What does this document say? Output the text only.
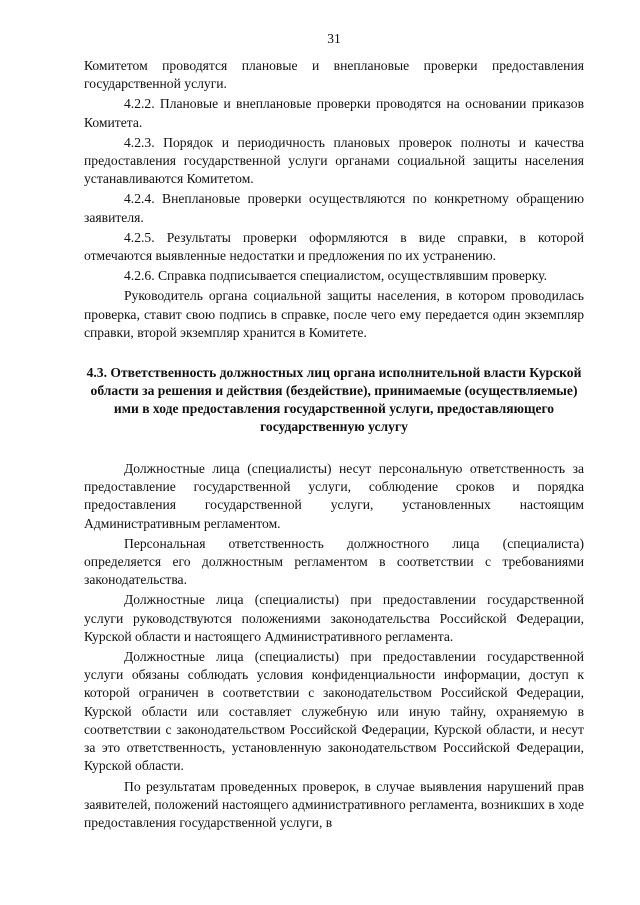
31

Комитетом проводятся плановые и внеплановые проверки предоставления государственной услуги.

4.2.2. Плановые и внеплановые проверки проводятся на основании приказов Комитета.

4.2.3. Порядок и периодичность плановых проверок полноты и качества предоставления государственной услуги органами социальной защиты населения устанавливаются Комитетом.

4.2.4. Внеплановые проверки осуществляются по конкретному обращению заявителя.

4.2.5. Результаты проверки оформляются в виде справки, в которой отмечаются выявленные недостатки и предложения по их устранению.

4.2.6. Справка подписывается специалистом, осуществлявшим проверку.

Руководитель органа социальной защиты населения, в котором проводилась проверка, ставит свою подпись в справке, после чего ему передается один экземпляр справки, второй экземпляр хранится в Комитете.

4.3. Ответственность должностных лиц органа исполнительной власти Курской области за решения и действия (бездействие), принимаемые (осуществляемые) ими в ходе предоставления государственной услуги, предоставляющего государственную услугу

Должностные лица (специалисты) несут персональную ответственность за предоставление государственной услуги, соблюдение сроков и порядка предоставления государственной услуги, установленных настоящим Административным регламентом.

Персональная ответственность должностного лица (специалиста) определяется его должностным регламентом в соответствии с требованиями законодательства.

Должностные лица (специалисты) при предоставлении государственной услуги руководствуются положениями законодательства Российской Федерации, Курской области и настоящего Административного регламента.

Должностные лица (специалисты) при предоставлении государственной услуги обязаны соблюдать условия конфиденциальности информации, доступ к которой ограничен в соответствии с законодательством Российской Федерации, Курской области или составляет служебную или иную тайну, охраняемую в соответствии с законодательством Российской Федерации, Курской области, и несут за это ответственность, установленную законодательством Российской Федерации, Курской области.

По результатам проведенных проверок, в случае выявления нарушений прав заявителей, положений настоящего административного регламента, возникших в ходе предоставления государственной услуги, в
